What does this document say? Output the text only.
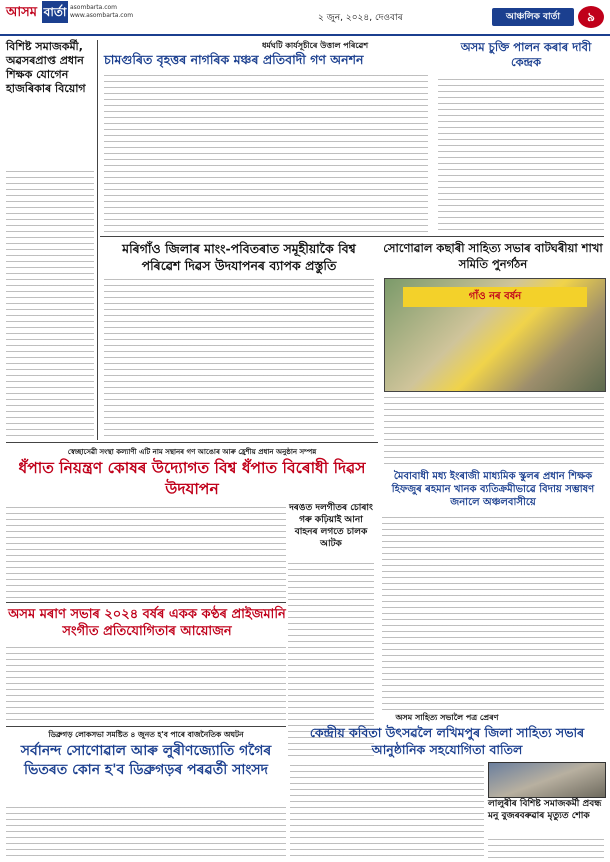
আসম বাৰ্তা asombarta.com
www.asombarta.com	২ জুন, ২০২৪, দেওবাৰ	আঞ্চলিক বাৰ্তা	৯
বিশিষ্ট সমাজকৰ্মী, অৱসৰপ্ৰাপ্ত প্ৰধান শিক্ষক যোগেন হাজৰিকাৰ বিয়োগ
ধৰ্মঘটি কাৰ্যসূচীৰে উত্তাল পৰিৱেশ
চামগুৰিত বৃহত্তৰ নাগৰিক মঞ্চৰ প্ৰতিবাদী গণ অনশন
অসম চুক্তি পালন কৰাৰ দাবী কেন্দ্ৰক
মৰিগাঁও জিলাৰ মাংং-পবিতৰাত সমূহীয়াকৈ বিশ্ব পৰিৱেশ দিৱস উদযাপনৰ ব্যাপক প্ৰস্তুতি
সোণোৱাল কছাৰী সাহিত্য সভাৰ বাটঘৰীয়া শাখা সমিতি পুনৰ্গঠন
গাঁও নৰ বৰ্ষন
স্বেচ্ছাসেৱী সংস্থা কল্যাণী এটি নাম সন্থানৰ গণ আঙোৰ আৰু হ্ৰেশীয় প্ৰধান অনুষ্ঠান সম্পন্ন
ধঁপাত নিয়ন্ত্ৰণ কোষৰ উদ্যোগত বিশ্ব ধঁপাত বিৰোধী দিৱস উদযাপন
দৰঙত দলগীতৰ চোৰাং গৰু কঢ়িয়াই আনা বাহনৰ লগতে চালক আটক
মৈবাবাধী মধ্য ইংৰাজী মাধ্যমিক স্কুলৰ প্ৰধান শিক্ষক হিফজুৰ ৰহমান খানক ব্যতিক্ৰমীভাৱে বিদায় সম্ভাষণ জনালে অঞ্চলবাসীয়ে
অসম মৰাণ সভাৰ ২০২৪ বৰ্ষৰ একক কণ্ঠৰ প্ৰাইজমানি সংগীত প্ৰতিযোগিতাৰ আয়োজন
অসম সাহিত্য সভালৈ পত্ৰ প্ৰেৰণ
কেন্দ্ৰীয় কবিতা উৎসৱলৈ লখিমপুৰ জিলা সাহিত্য সভাৰ আনুষ্ঠানিক সহযোগিতা বাতিল
ডিব্ৰুগড় লোকসভা সমষ্টিত ৪ জুনত হ'ব পাৰে বাজনৈতিক অঘটন
সৰ্বানন্দ সোণোৱাল আৰু লুৰীণজ্যোতি গগৈৰ ভিতৰত কোন হ'ব ডিব্ৰুগড়ৰ পৰৱৰ্তী সাংসদ
লালুৰীৰ বিশিষ্ট সমাজকৰ্মী প্ৰবন্ধ মনু বুজৰবৰুৱাৰ মৃত্যুত শোক
